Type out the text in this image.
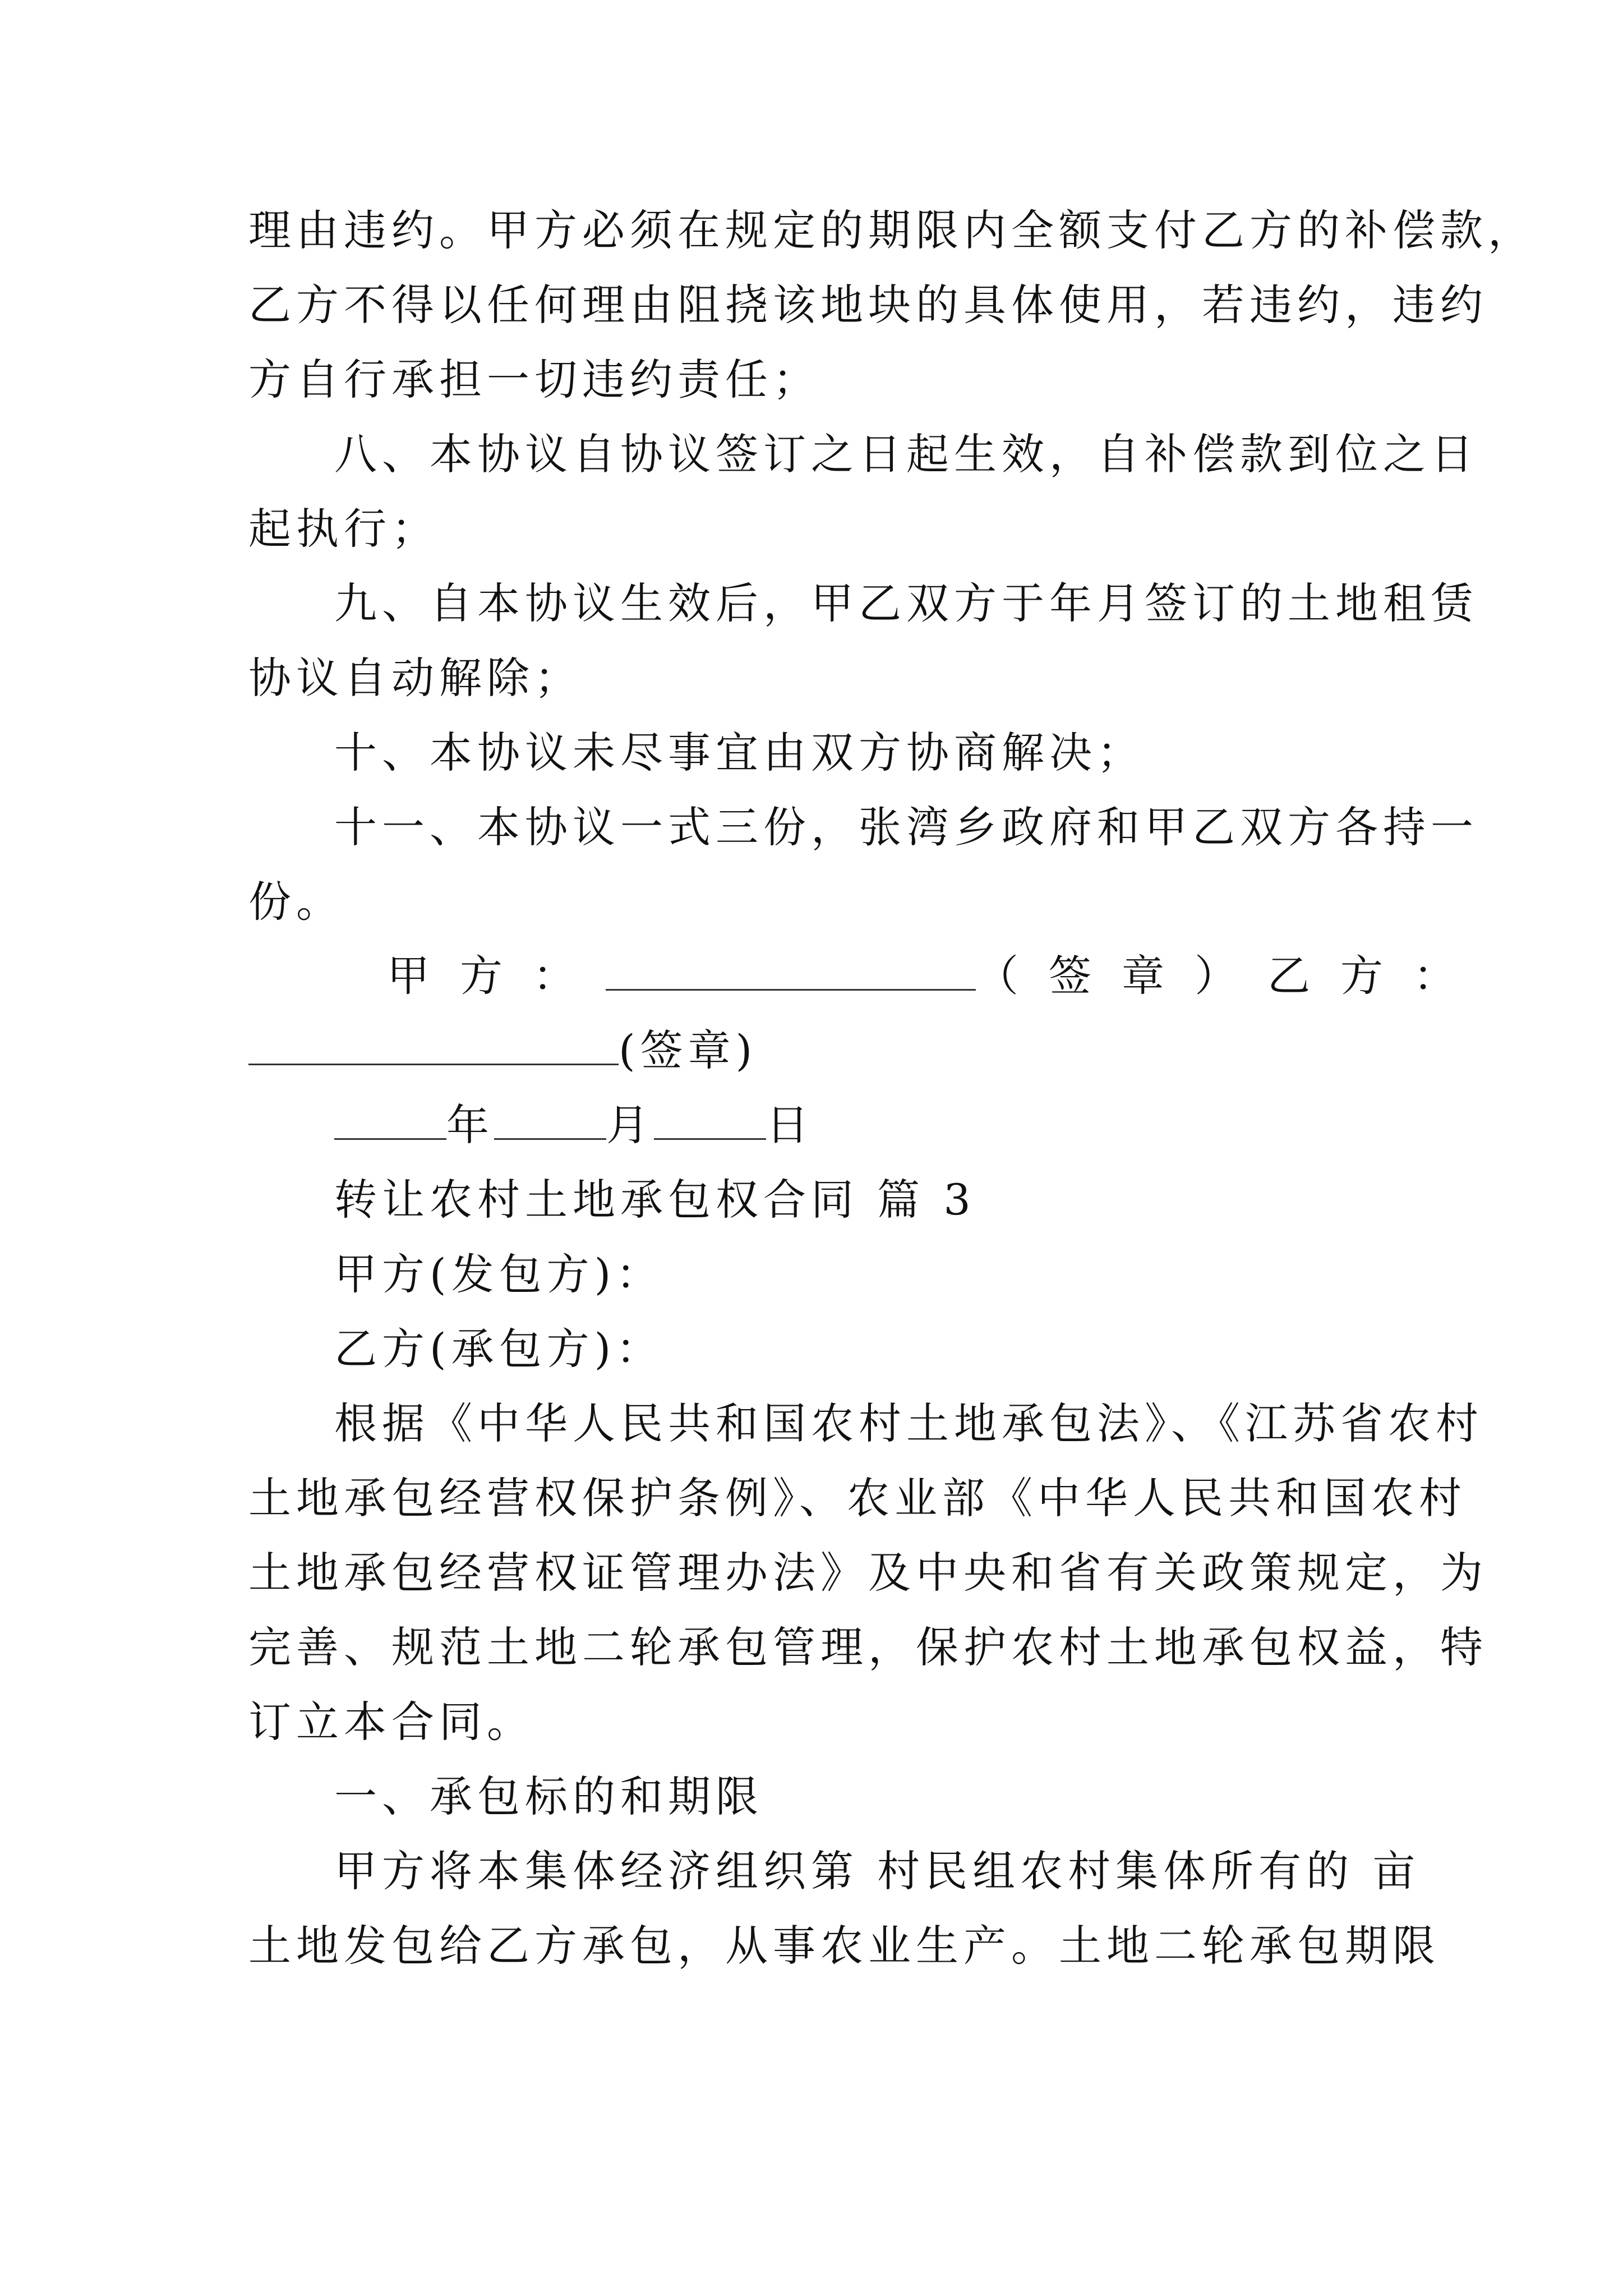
理由违约。甲方必须在规定的期限内全额支付乙方的补偿款，
乙方不得以任何理由阻挠该地块的具体使用，若违约，违约
方自行承担一切违约责任；
八、本协议自协议签订之日起生效，自补偿款到位之日
起执行；
九、自本协议生效后，甲乙双方于年月签订的土地租赁
协议自动解除；
十、本协议未尽事宜由双方协商解决；
十一、本协议一式三份，张湾乡政府和甲乙双方各持一
份。
甲方：	（签章）乙方：
(签章)
年	月	日
转让农村土地承包权合同 篇 3
甲方(发包方)：
乙方(承包方)：
根据《中华人民共和国农村土地承包法》、《江苏省农村
土地承包经营权保护条例》、农业部《中华人民共和国农村
土地承包经营权证管理办法》及中央和省有关政策规定，为
完善、规范土地二轮承包管理，保护农村土地承包权益，特
订立本合同。
一、承包标的和期限
甲方将本集体经济组织第 村民组农村集体所有的 亩
土地发包给乙方承包，从事农业生产。土地二轮承包期限
